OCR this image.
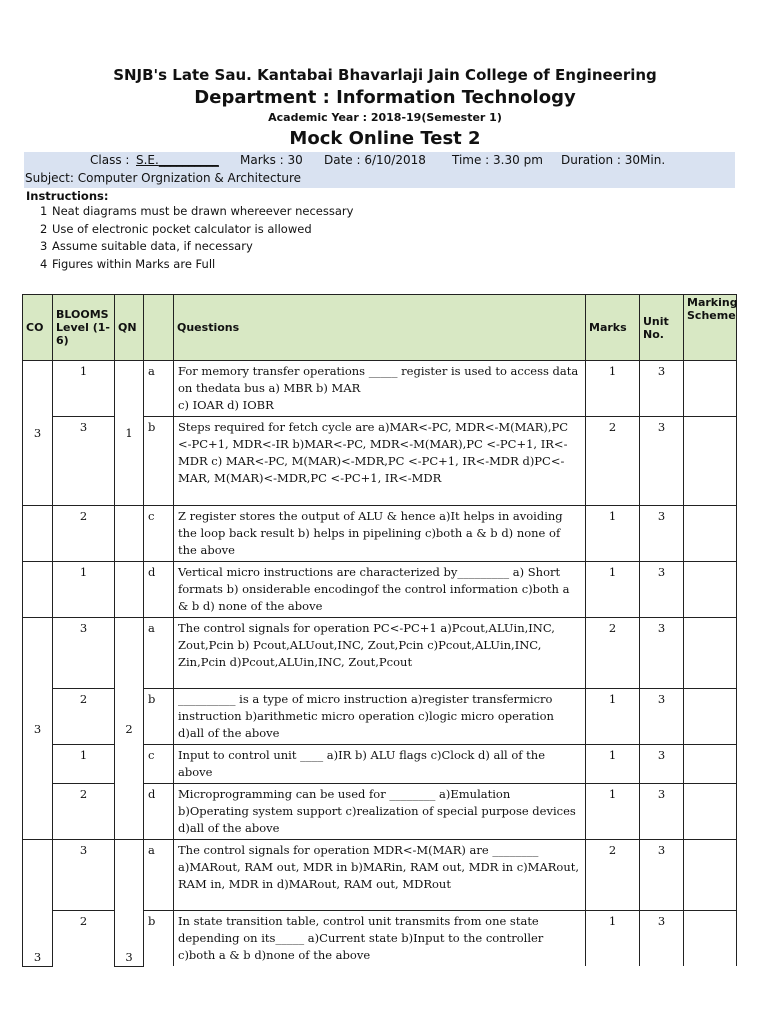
SNJB's Late Sau. Kantabai Bhavarlaji Jain College of Engineering
Department : Information Technology
Academic Year : 2018-19(Semester 1)
Mock Online Test 2
Class : S.E.__________ Marks : 30 Date : 6/10/2018 Time : 3.30 pm Duration : 30Min.
Subject: Computer Orgnization & Architecture
Instructions:
1 Neat diagrams must be drawn whereever necessary
2 Use of electronic pocket calculator is allowed
3 Assume suitable data, if necessary
4 Figures within Marks are Full
CO	BLOOMS Level (1-6)	QN		Questions	Marks	Unit No.	Marking Scheme
3	1	1	a	For memory transfer operations _____ register is used to access data on thedata bus a) MBR b) MAR
c) IOAR d) IOBR	1	3	
	3		b	Steps required for fetch cycle are a)MAR<-PC, MDR<-M(MAR),PC <-PC+1, MDR<-IR b)MAR<-PC, MDR<-M(MAR),PC <-PC+1, IR<-MDR c) MAR<-PC, M(MAR)<-MDR,PC <-PC+1, IR<-MDR d)PC<-MAR, M(MAR)<-MDR,PC <-PC+1, IR<-MDR	2	3	
	2		c	Z register stores the output of ALU & hence a)It helps in avoiding the loop back result b) helps in pipelining c)both a & b d) none of the above	1	3	
	1		d	Vertical micro instructions are characterized by_________ a) Short formats b) onsiderable encodingof the control information c)both a & b d) none of the above	1	3	
3	3	2	a	The control signals for operation PC<-PC+1 a)Pcout,ALUin,INC, Zout,Pcin b) Pcout,ALUout,INC, Zout,Pcin c)Pcout,ALUin,INC, Zin,Pcin d)Pcout,ALUin,INC, Zout,Pcout	2	3	
	2		b	__________ is a type of micro instruction a)register transfermicro instruction b)arithmetic micro operation c)logic micro operation d)all of the above	1	3	
	1		c	Input to control unit ____ a)IR b) ALU flags c)Clock d) all of the above	1	3	
	2		d	Microprogramming can be used for ________ a)Emulation b)Operating system support c)realization of special purpose devices d)all of the above	1	3	
3	3	3	a	The control signals for operation MDR<-M(MAR) are ________ a)MARout, RAM out, MDR in b)MARin, RAM out, MDR in c)MARout, RAM in, MDR in d)MARout, RAM out, MDRout	2	3	
	2		b	In state transition table, control unit transmits from one state depending on its_____ a)Current state b)Input to the controller c)both a & b d)none of the above	1	3	
